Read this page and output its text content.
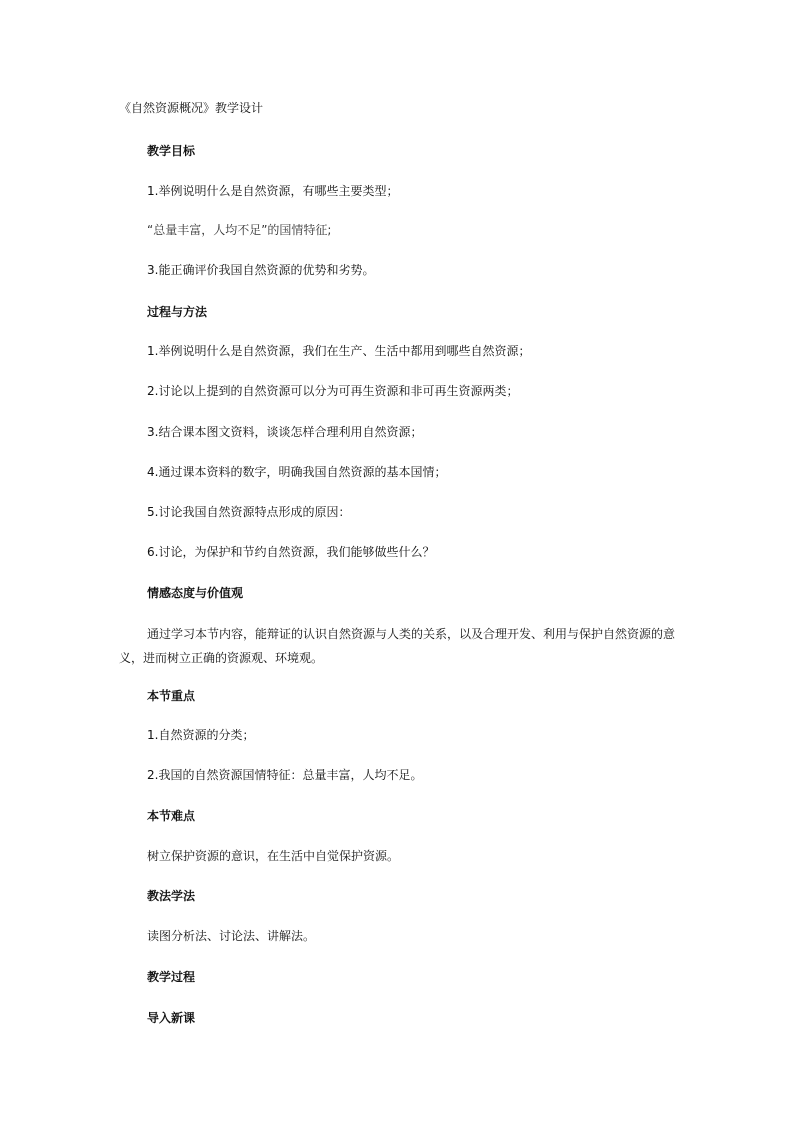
《自然资源概况》教学设计
教学目标
1.举例说明什么是自然资源，有哪些主要类型；
“总量丰富，人均不足”的国情特征;
3.能正确评价我国自然资源的优势和劣势。
过程与方法
1.举例说明什么是自然资源，我们在生产、生活中都用到哪些自然资源；
2.讨论以上提到的自然资源可以分为可再生资源和非可再生资源两类；
3.结合课本图文资料，谈谈怎样合理利用自然资源；
4.通过课本资料的数字，明确我国自然资源的基本国情；
5.讨论我国自然资源特点形成的原因：
6.讨论，为保护和节约自然资源，我们能够做些什么？
情感态度与价值观
通过学习本节内容，能辩证的认识自然资源与人类的关系，以及合理开发、利用与保护自然资源的意义，进而树立正确的资源观、环境观。
本节重点
1.自然资源的分类；
2.我国的自然资源国情特征：总量丰富，人均不足。
本节难点
树立保护资源的意识，在生活中自觉保护资源。
教法学法
读图分析法、讨论法、讲解法。
教学过程
导入新课
